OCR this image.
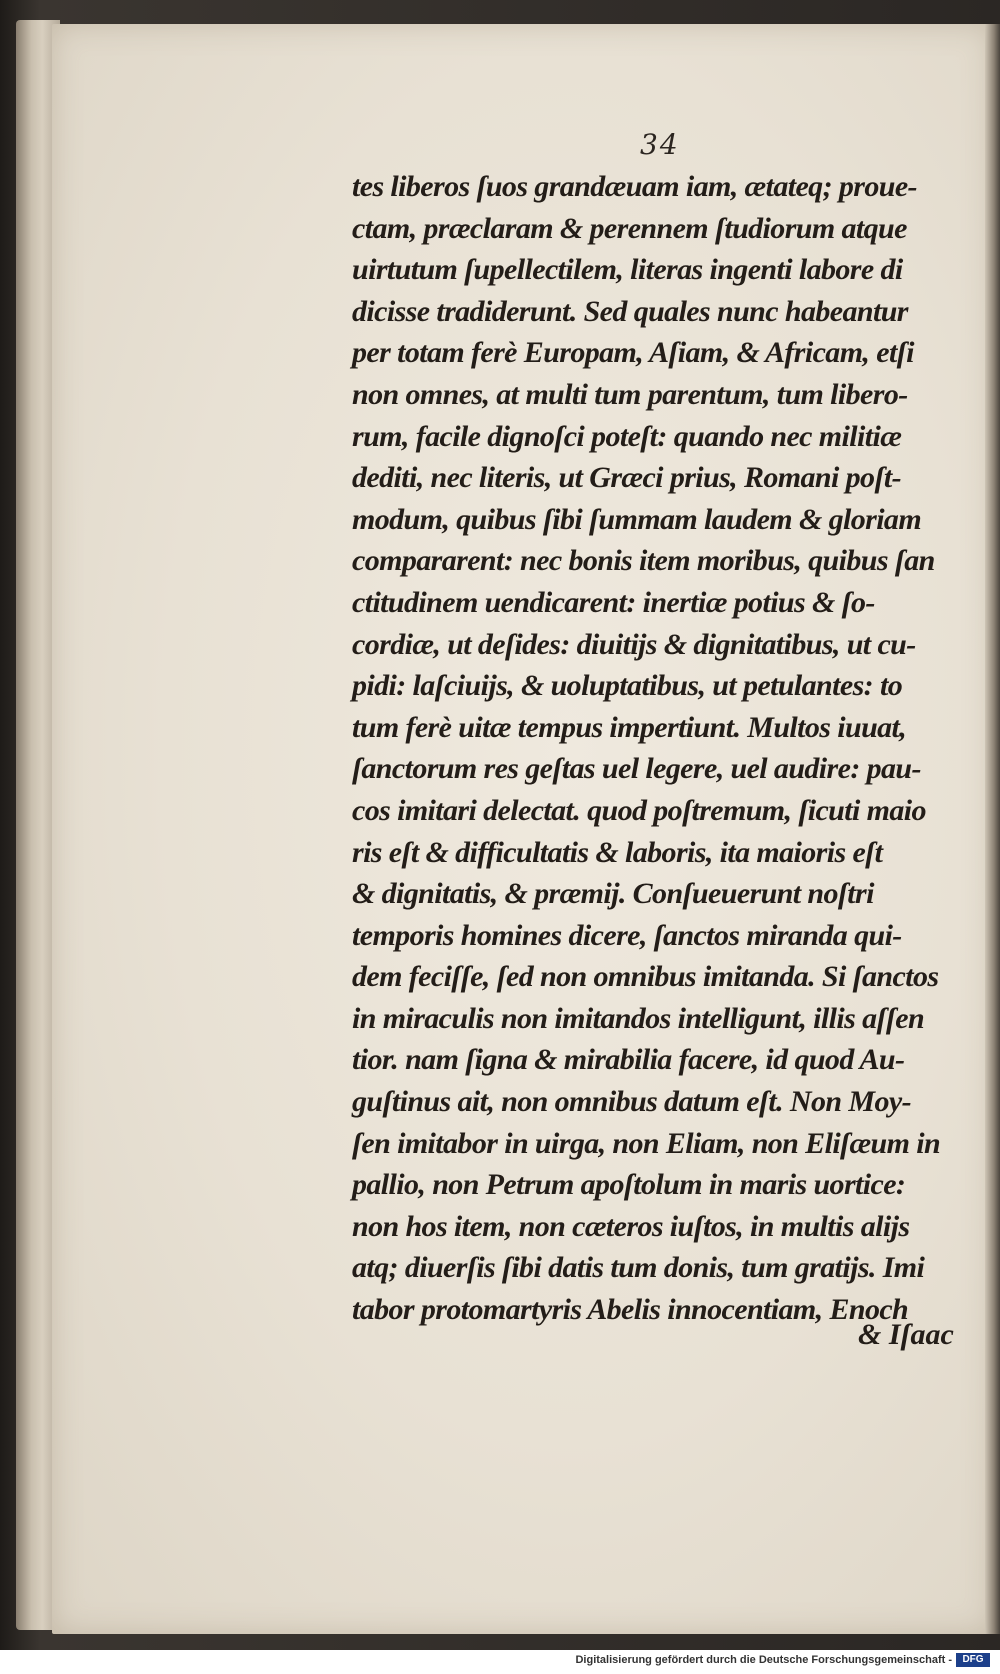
34
tes liberos ſuos grandæuam iam, ætateq; proue-
ctam, præclaram & perennem ſtudiorum atque
uirtutum ſupellectilem, literas ingenti labore di
dicisse tradiderunt. Sed quales nunc habeantur
per totam ferè Europam, Aſiam, & Africam, etſi
non omnes, at multi tum parentum, tum libero-
rum, facile dignoſci poteſt: quando nec militiæ
dediti, nec literis, ut Græci prius, Romani poſt-
modum, quibus ſibi ſummam laudem & gloriam
compararent: nec bonis item moribus, quibus ſan
ctitudinem uendicarent: inertiæ potius & ſo-
cordiæ, ut deſides: diuitijs & dignitatibus, ut cu-
pidi: laſciuijs, & uoluptatibus, ut petulantes: to
tum ferè uitæ tempus impertiunt. Multos iuuat,
ſanctorum res geſtas uel legere, uel audire: pau-
cos imitari delectat. quod poſtremum, ſicuti maio
ris eſt & difficultatis & laboris, ita maioris eſt
& dignitatis, & præmij. Conſueuerunt noſtri
temporis homines dicere, ſanctos miranda qui-
dem feciſſe, ſed non omnibus imitanda. Si ſanctos
in miraculis non imitandos intelligunt, illis aſſen
tior. nam ſigna & mirabilia facere, id quod Au-
guſtinus ait, non omnibus datum eſt. Non Moy-
ſen imitabor in uirga, non Eliam, non Eliſæum in
pallio, non Petrum apoſtolum in maris uortice:
non hos item, non cæteros iuſtos, in multis alijs
atq; diuerſis ſibi datis tum donis, tum gratijs. Imi
tabor protomartyris Abelis innocentiam, Enoch
& Iſaac
Digitalisierung gefördert durch die Deutsche Forschungsgemeinschaft -	DFG
